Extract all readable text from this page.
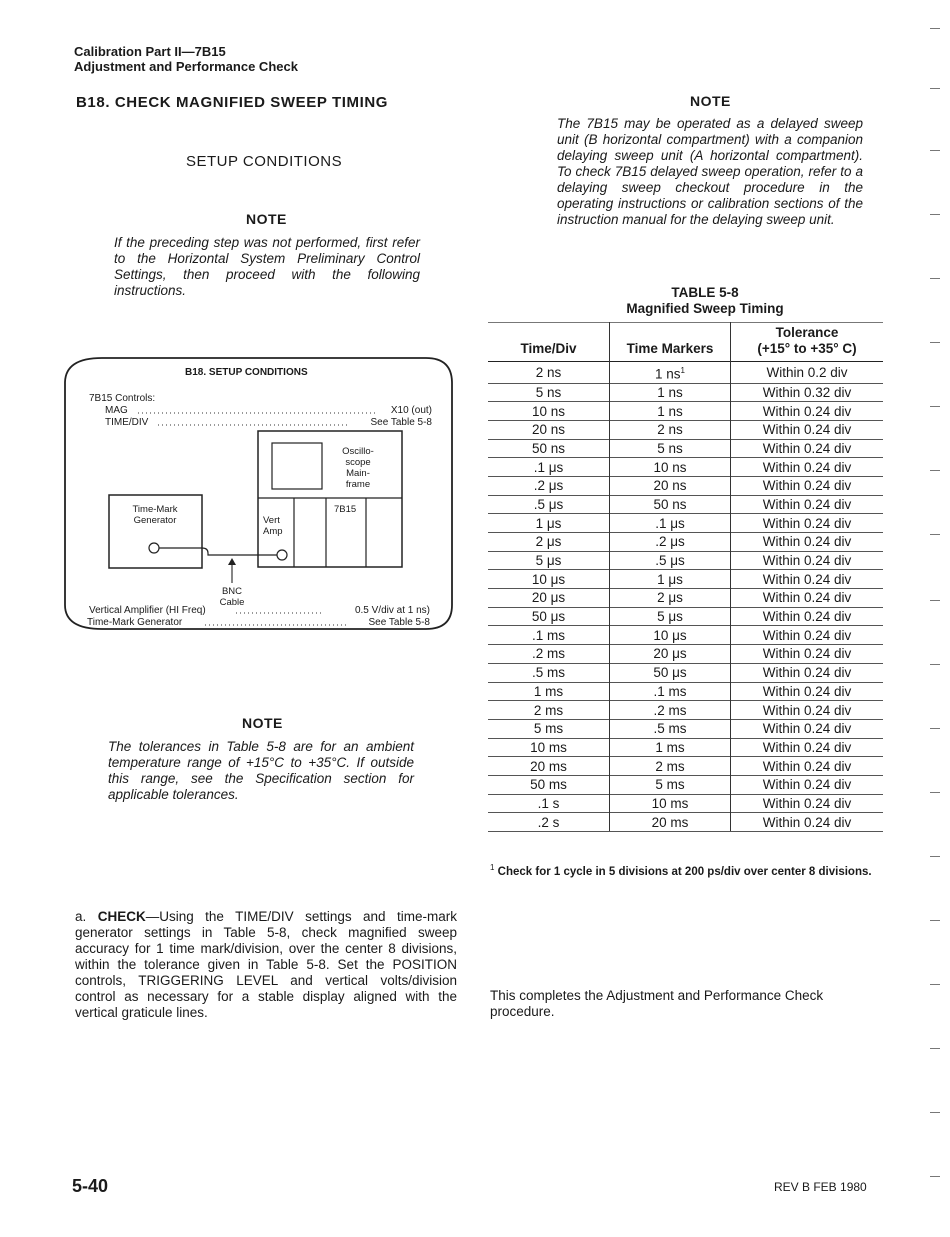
Calibration Part II—7B15
Adjustment and Performance Check
B18. CHECK MAGNIFIED SWEEP TIMING
SETUP CONDITIONS
NOTE

If the preceding step was not performed, first refer to the Horizontal System Preliminary Control Settings, then proceed with the following instructions.

B18. SETUP CONDITIONS
7B15 Controls:
MAG	X10 (out)
TIME/DIV	See Table 5-8
Oscillo-
scope
Main-
frame
Vert
Amp
7B15
Time-Mark
Generator
BNC
Cable
Vertical Amplifier (HI Freq)	0.5 V/div at 1 ns)
Time-Mark Generator	See Table 5-8
NOTE

The tolerances in Table 5-8 are for an ambient temperature range of +15°C to +35°C. If outside this range, see the Specification section for applicable tolerances.

a. CHECK—Using the TIME/DIV settings and time-mark generator settings in Table 5-8, check magnified sweep accuracy for 1 time mark/division, over the center 8 divisions, within the tolerance given in Table 5-8. Set the POSITION controls, TRIGGERING LEVEL and vertical volts/division control as necessary for a stable display aligned with the vertical graticule lines.

NOTE

The 7B15 may be operated as a delayed sweep unit (B horizontal compartment) with a companion delaying sweep unit (A horizontal compartment). To check 7B15 delayed sweep operation, refer to a delaying sweep checkout procedure in the operating instructions or calibration sections of the instruction manual for the delaying sweep unit.

TABLE 5-8
Magnified Sweep Timing
Time/Div	Time Markers	Tolerance
(+15° to +35° C)

2 ns	1 $ns^1$	Within 0.2 div
5 ns	1 ns	Within 0.32 div
10 ns	1 ns	Within 0.24 div
20 ns	2 ns	Within 0.24 div
50 ns	5 ns	Within 0.24 div
.1 μs	10 ns	Within 0.24 div
.2 μs	20 ns	Within 0.24 div
.5 μs	50 ns	Within 0.24 div
1 μs	.1 μs	Within 0.24 div
2 μs	.2 μs	Within 0.24 div
5 μs	.5 μs	Within 0.24 div
10 μs	1 μs	Within 0.24 div
20 μs	2 μs	Within 0.24 div
50 μs	5 μs	Within 0.24 div
.1 ms	10 μs	Within 0.24 div
.2 ms	20 μs	Within 0.24 div
.5 ms	50 μs	Within 0.24 div
1 ms	.1 ms	Within 0.24 div
2 ms	.2 ms	Within 0.24 div
5 ms	.5 ms	Within 0.24 div
10 ms	1 ms	Within 0.24 div
20 ms	2 ms	Within 0.24 div
50 ms	5 ms	Within 0.24 div
.1 s	10 ms	Within 0.24 div
.2 s	20 ms	Within 0.24 div
$^1$ Check for 1 cycle in 5 divisions at 200 ps/div over center 8 divisions.

This completes the Adjustment and Performance Check procedure.

5-40	REV B FEB 1980
